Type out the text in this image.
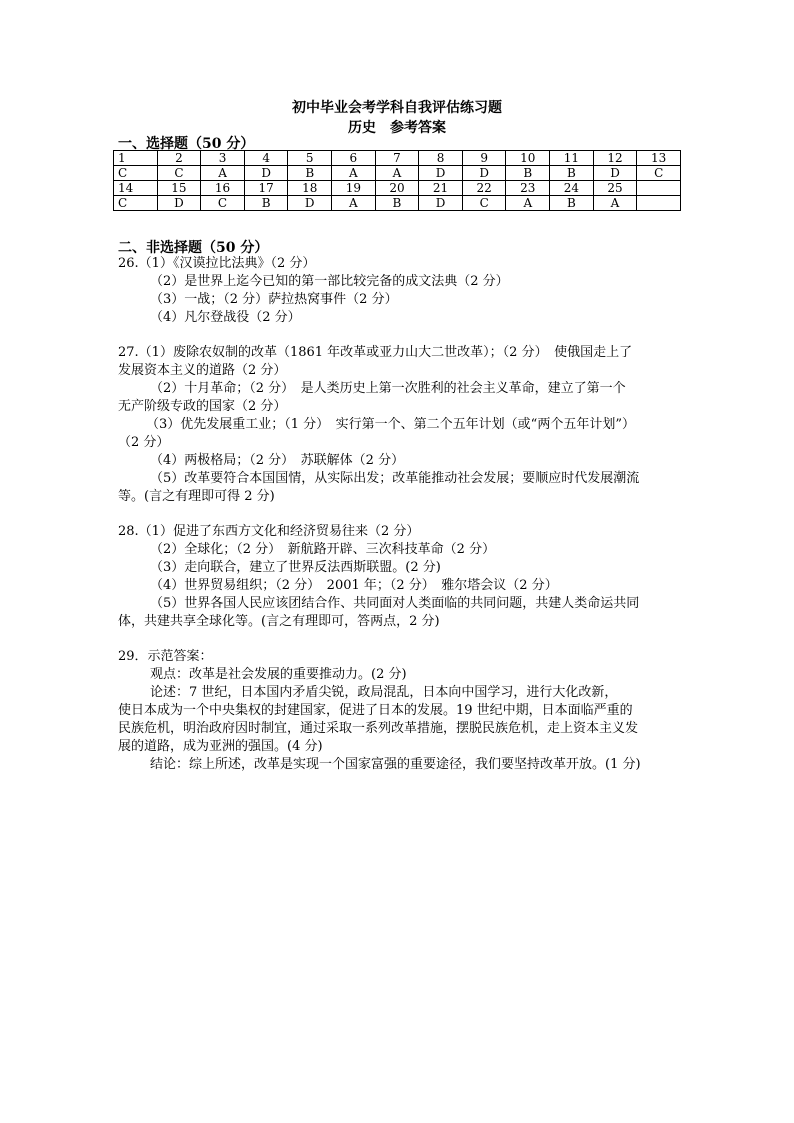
初中毕业会考学科自我评估练习题
历史　参考答案
一、选择题（50 分）
1	2	3	4	5	6	7	8	9	10	11	12	13
C	C	A	D	B	A	A	D	D	B	B	D	C
14	15	16	17	18	19	20	21	22	23	24	25	
C	D	C	B	D	A	B	D	C	A	B	A	
二、非选择题（50 分）
26.（1）《汉谟拉比法典》（2 分）
（2）是世界上迄今已知的第一部比较完备的成文法典（2 分）
（3）一战；（2 分）萨拉热窝事件（2 分）
（4）凡尔登战役（2 分）
27.（1）废除农奴制的改革（1861 年改革或亚力山大二世改革）；（2 分）　使俄国走上了
发展资本主义的道路（2 分）
（2）十月革命；（2 分）　是人类历史上第一次胜利的社会主义革命，建立了第一个
无产阶级专政的国家（2 分）
（3）优先发展重工业；（1 分）　实行第一个、第二个五年计划（或“两个五年计划”）
（2 分）
（4）两极格局；（2 分）　苏联解体（2 分）
（5）改革要符合本国国情，从实际出发；改革能推动社会发展；要顺应时代发展潮流
等。(言之有理即可得 2 分)
28.（1）促进了东西方文化和经济贸易往来（2 分）
（2）全球化；（2 分）　新航路开辟、三次科技革命（2 分）
（3）走向联合，建立了世界反法西斯联盟。(2 分)
（4）世界贸易组织；（2 分）　2001 年；（2 分）　雅尔塔会议（2 分）
（5）世界各国人民应该团结合作、共同面对人类面临的共同问题，共建人类命运共同
体，共建共享全球化等。(言之有理即可，答两点，2 分)
29．示范答案：
观点：改革是社会发展的重要推动力。(2 分)
论述：7 世纪，日本国内矛盾尖锐，政局混乱，日本向中国学习，进行大化改新，
使日本成为一个中央集权的封建国家，促进了日本的发展。19 世纪中期，日本面临严重的
民族危机，明治政府因时制宜，通过采取一系列改革措施，摆脱民族危机，走上资本主义发
展的道路，成为亚洲的强国。(4 分)
结论：综上所述，改革是实现一个国家富强的重要途径，我们要坚持改革开放。(1 分)
